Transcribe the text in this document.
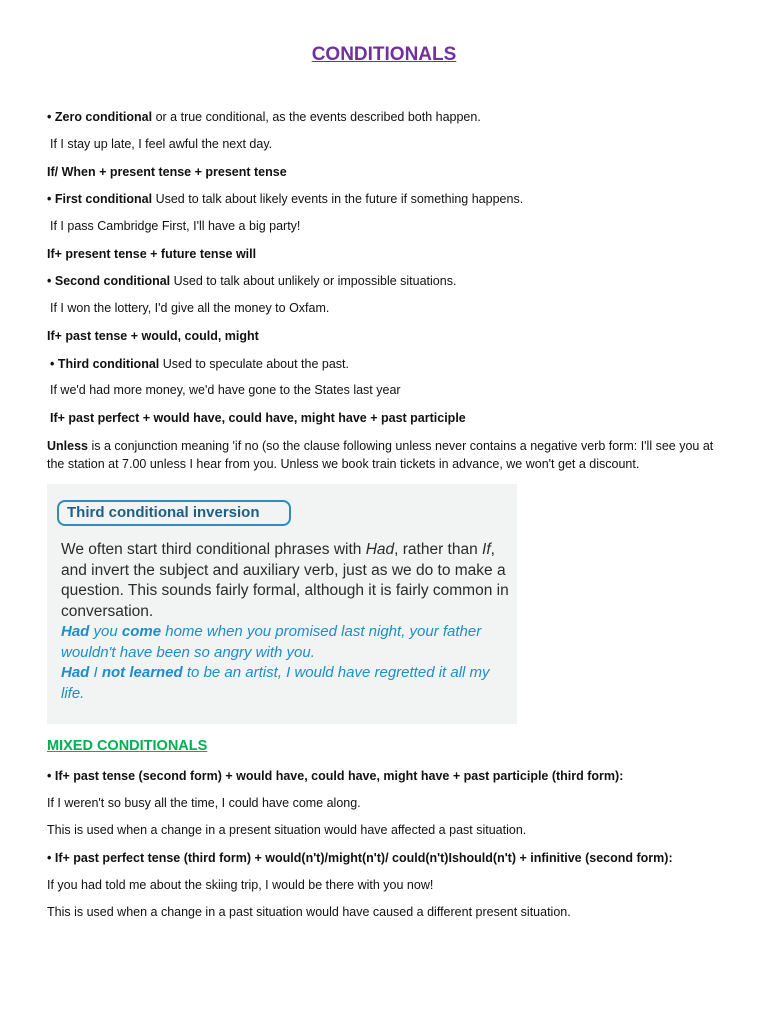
CONDITIONALS
• Zero conditional or a true conditional, as the events described both happen.
If I stay up late, I feel awful the next day.
If/ When + present tense + present tense
• First conditional Used to talk about likely events in the future if something happens.
If I pass Cambridge First, I'll have a big party!
If+ present tense + future tense will
• Second conditional Used to talk about unlikely or impossible situations.
If I won the lottery, I'd give all the money to Oxfam.
If+ past tense + would, could, might
• Third conditional Used to speculate about the past.
If we'd had more money, we'd have gone to the States last year
If+ past perfect + would have, could have, might have + past participle
Unless is a conjunction meaning 'if no (so the clause following unless never contains a negative verb form: I'll see you at the station at 7.00 unless I hear from you. Unless we book train tickets in advance, we won't get a discount.
Third conditional inversion
We often start third conditional phrases with Had, rather than If, and invert the subject and auxiliary verb, just as we do to make a question. This sounds fairly formal, although it is fairly common in conversation.
Had you come home when you promised last night, your father wouldn't have been so angry with you.
Had I not learned to be an artist, I would have regretted it all my life.
MIXED CONDITIONALS
• If+ past tense (second form) + would have, could have, might have + past participle (third form):
If I weren't so busy all the time, I could have come along.
This is used when a change in a present situation would have affected a past situation.
• If+ past perfect tense (third form) + would(n't)/might(n't)/ could(n't)Ishould(n't) + infinitive (second form):
If you had told me about the skiing trip, I would be there with you now!
This is used when a change in a past situation would have caused a different present situation.
